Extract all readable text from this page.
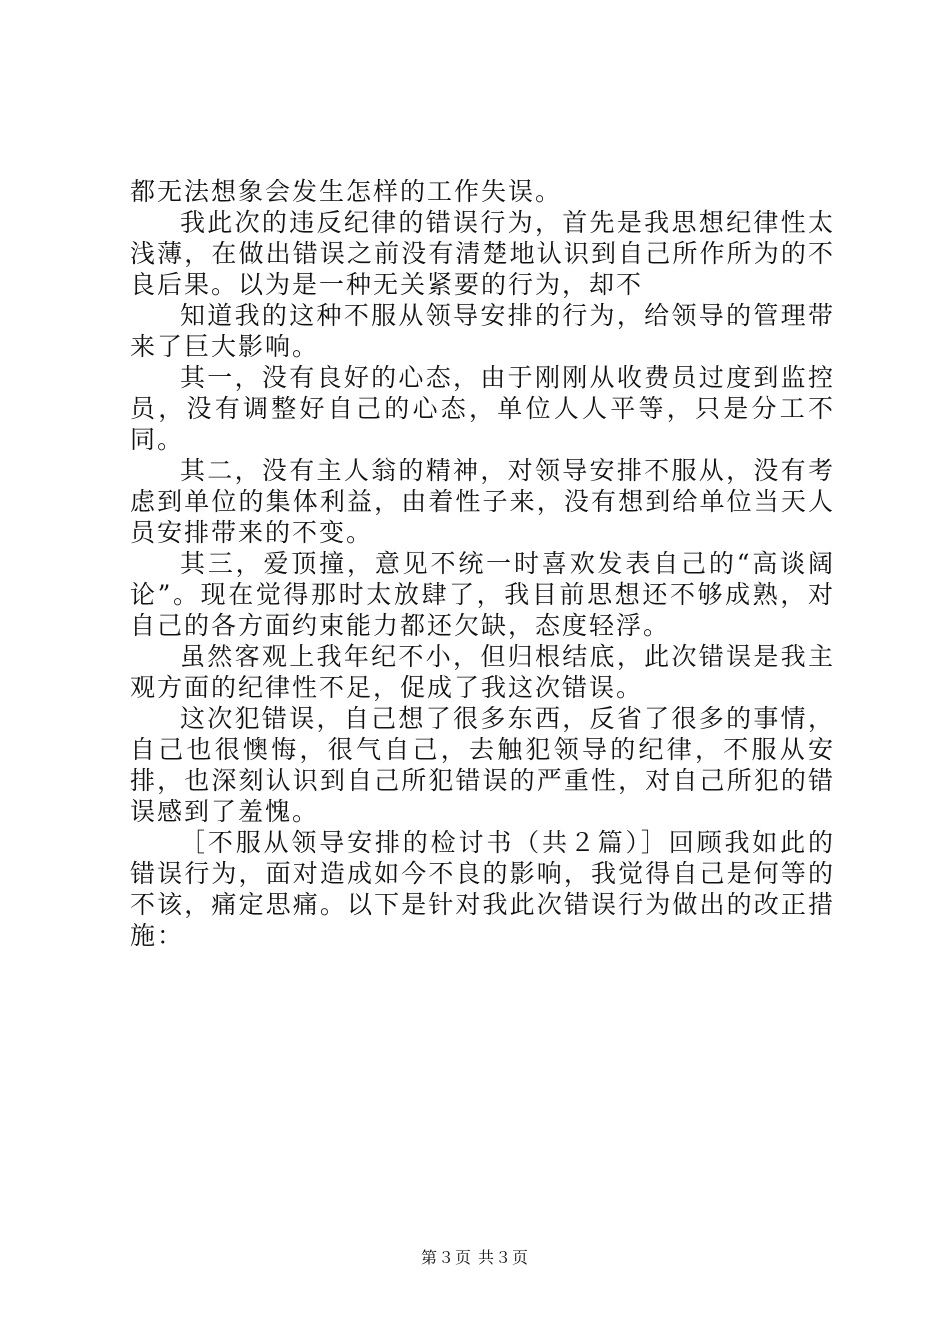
都无法想象会发生怎样的工作失误。

我此次的违反纪律的错误行为，首先是我思想纪律性太浅薄，在做出错误之前没有清楚地认识到自己所作所为的不良后果。以为是一种无关紧要的行为，却不

知道我的这种不服从领导安排的行为，给领导的管理带来了巨大影响。

其一，没有良好的心态，由于刚刚从收费员过度到监控员，没有调整好自己的心态，单位人人平等，只是分工不同。

其二，没有主人翁的精神，对领导安排不服从，没有考虑到单位的集体利益，由着性子来，没有想到给单位当天人员安排带来的不变。

其三，爱顶撞，意见不统一时喜欢发表自己的“高谈阔论”。现在觉得那时太放肆了，我目前思想还不够成熟，对自己的各方面约束能力都还欠缺，态度轻浮。

虽然客观上我年纪不小，但归根结底，此次错误是我主观方面的纪律性不足，促成了我这次错误。

这次犯错误，自己想了很多东西，反省了很多的事情，自己也很懊悔，很气自己，去触犯领导的纪律，不服从安排，也深刻认识到自己所犯错误的严重性，对自己所犯的错误感到了羞愧。

［不服从领导安排的检讨书（共２篇）］回顾我如此的错误行为，面对造成如今不良的影响，我觉得自己是何等的不该，痛定思痛。以下是针对我此次错误行为做出的改正措施：

第３页 共３页
